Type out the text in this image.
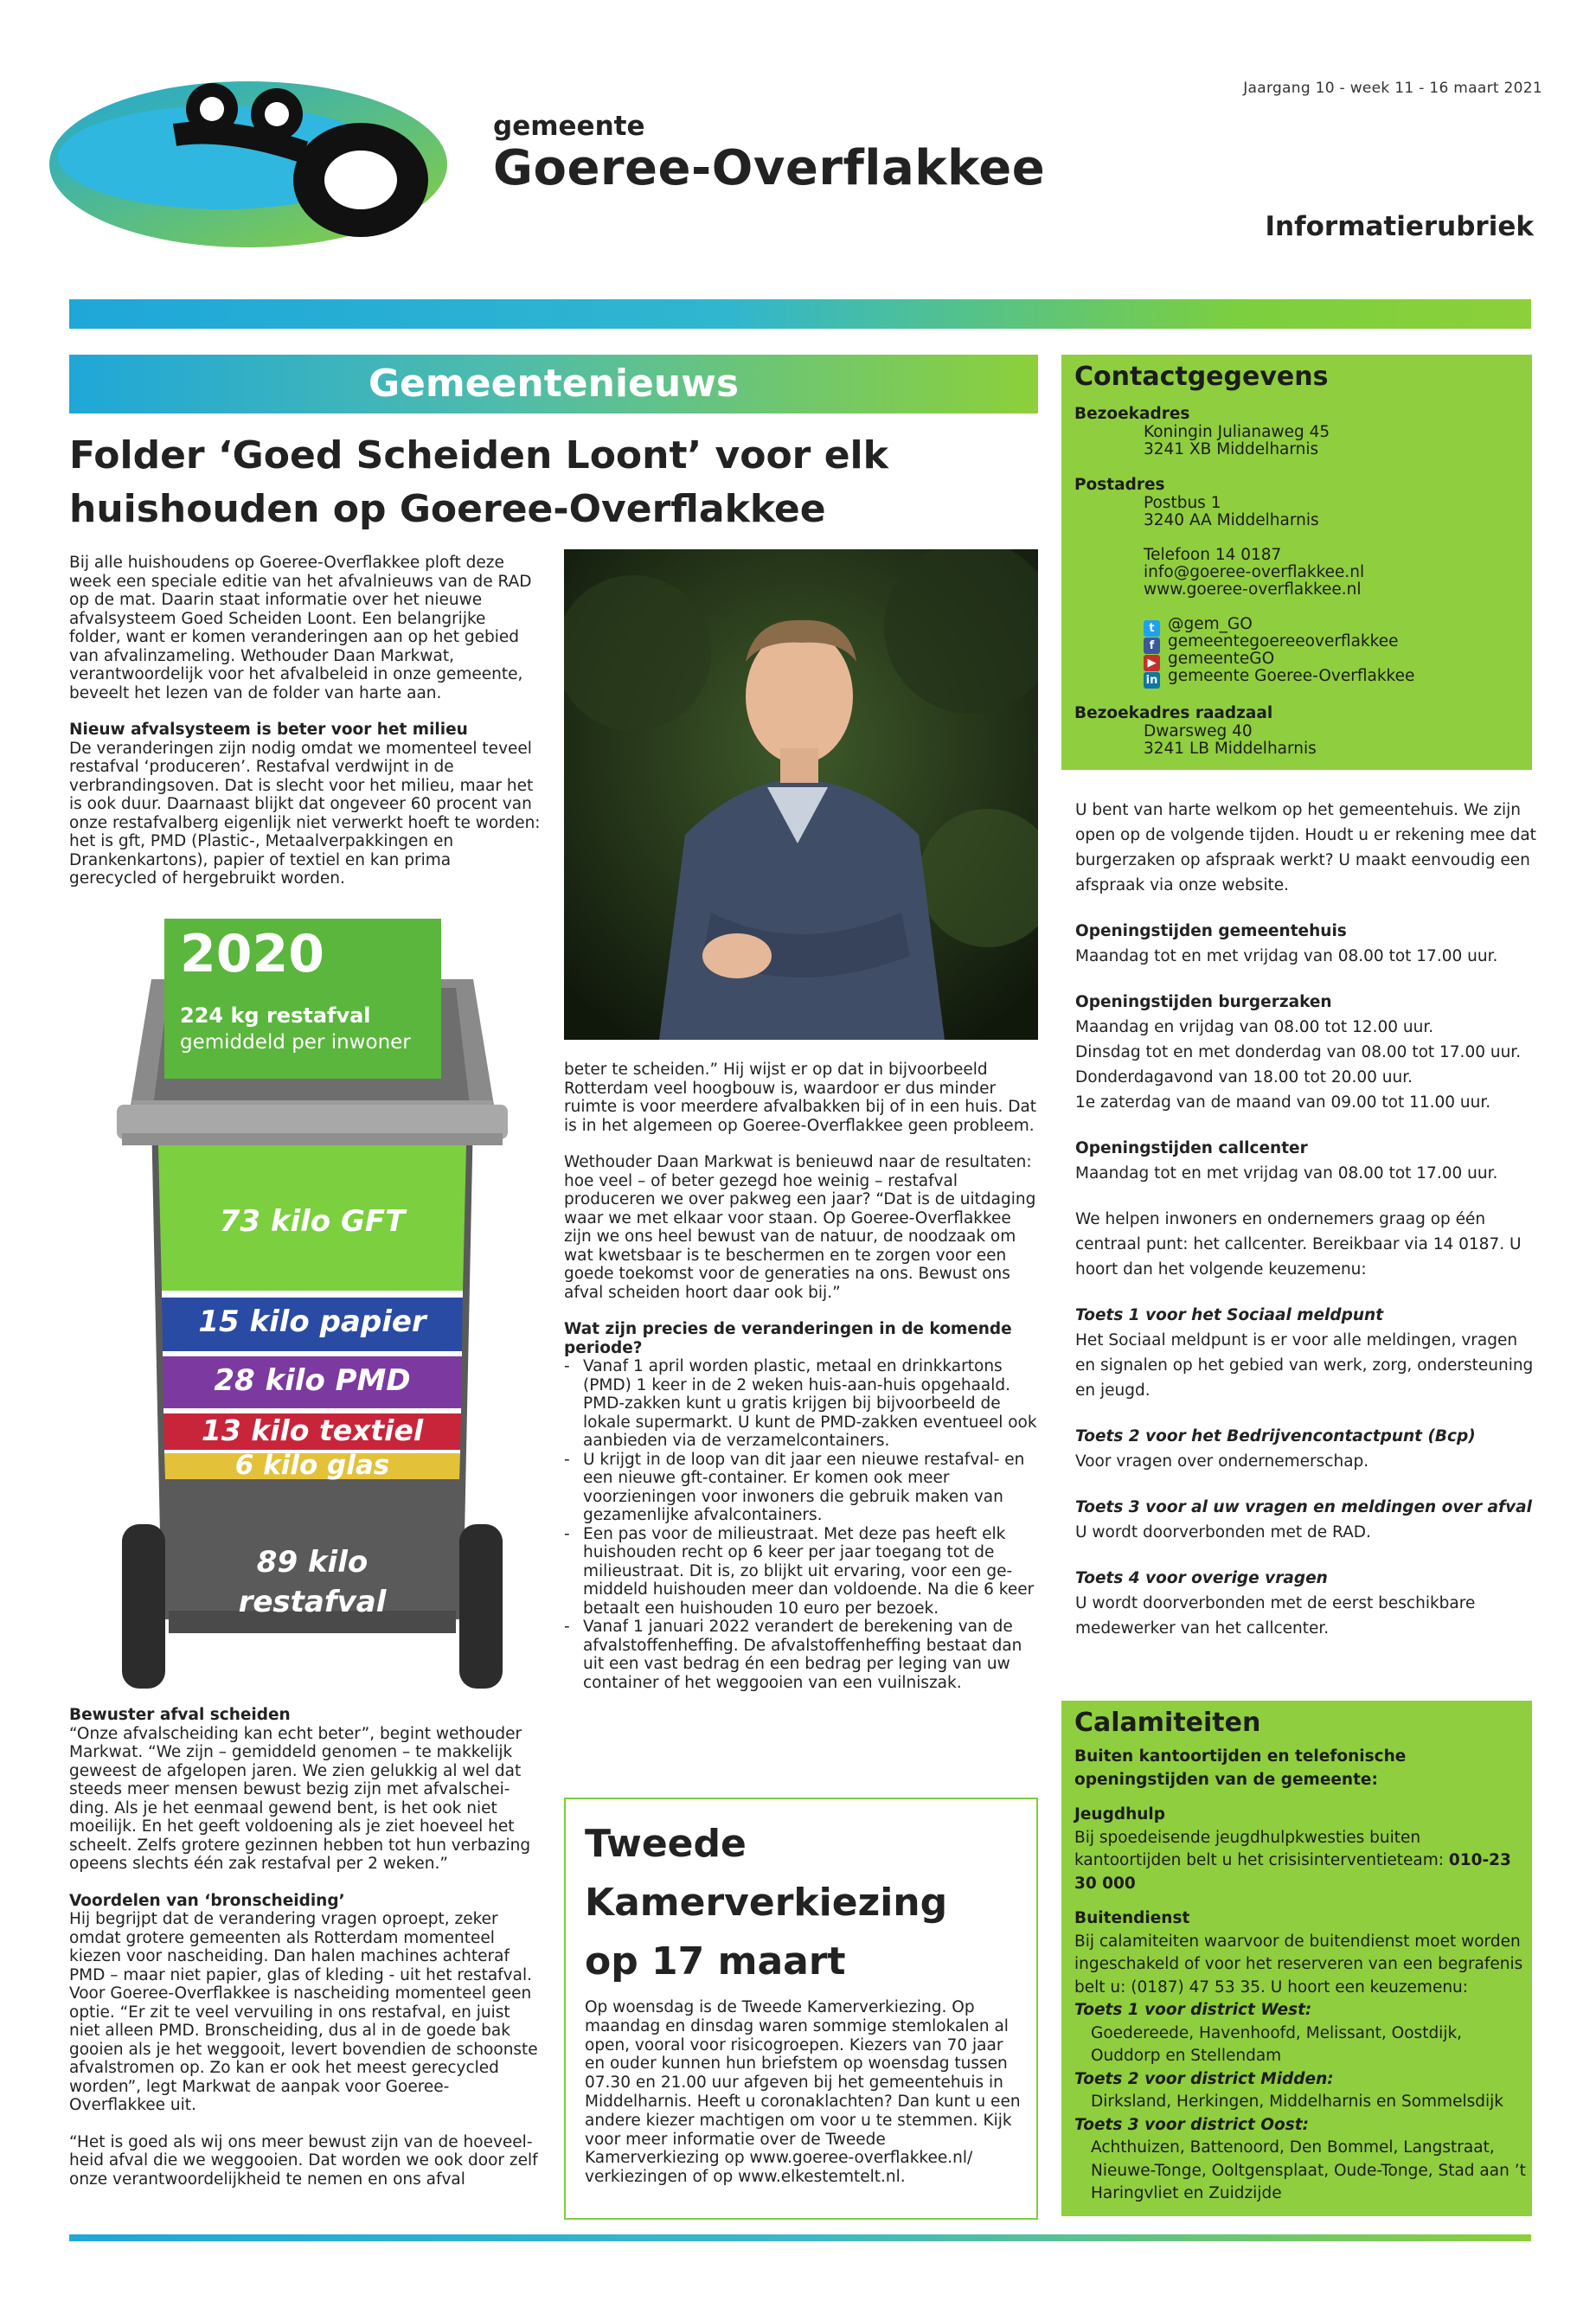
Jaargang 10 - week 11 - 16 maart 2021
gemeente
Goeree-Overflakkee
Informatierubriek
Gemeentenieuws
Folder ‘Goed Scheiden Loont’ voor elk huishouden op Goeree-Overflakkee

Bij alle huishoudens op Goeree-Overflakkee ploft deze week een speciale editie van het afvalnieuws van de RAD op de mat. Daarin staat informatie over het nieuwe afvalsysteem Goed Scheiden Loont. Een belangrijke folder, want er komen veranderingen aan op het gebied van afvalinzameling. Wethouder Daan Markwat, verantwoordelijk voor het afvalbeleid in onze gemeente, beveelt het lezen van de folder van harte aan.

Nieuw afvalsysteem is beter voor het milieu

De veranderingen zijn nodig omdat we momenteel teveel restafval ‘produceren’. Restafval verdwijnt in de verbrandingsoven. Dat is slecht voor het milieu, maar het is ook duur. Daarnaast blijkt dat ongeveer 60 procent van onze restafvalberg eigenlijk niet verwerkt hoeft te worden: het is gft, PMD (Plastic-, Metaalverpakkingen en Drankenkartons), papier of textiel en kan prima gerecycled of hergebruikt worden.

2020
224 kg restafval
gemiddeld per inwoner
73 kilo GFT
15 kilo papier
28 kilo PMD
13 kilo textiel
6 kilo glas
89 kilo
restafval
Bewuster afval scheiden

“Onze afvalscheiding kan echt beter”, begint wethouder Markwat. “We zijn – gemiddeld genomen – te makkelijk geweest de afgelopen jaren. We zien gelukkig al wel dat steeds meer mensen bewust bezig zijn met afvalschei-ding. Als je het eenmaal gewend bent, is het ook niet moeilijk. En het geeft voldoening als je ziet hoeveel het scheelt. Zelfs grotere gezinnen hebben tot hun verbazing opeens slechts één zak restafval per 2 weken.”

Voordelen van ‘bronscheiding’

Hij begrijpt dat de verandering vragen oproept, zeker omdat grotere gemeenten als Rotterdam momenteel kiezen voor nascheiding. Dan halen machines achteraf PMD – maar niet papier, glas of kleding - uit het restafval. Voor Goeree-Overflakkee is nascheiding momenteel geen optie. “Er zit te veel vervuiling in ons restafval, en juist niet alleen PMD. Bronscheiding, dus al in de goede bak gooien als je het weggooit, levert bovendien de schoonste afvalstromen op. Zo kan er ook het meest gerecycled worden”, legt Markwat de aanpak voor Goeree-Overflakkee uit.

“Het is goed als wij ons meer bewust zijn van de hoeveel-heid afval die we weggooien. Dat worden we ook door zelf onze verantwoordelijkheid te nemen en ons afval

beter te scheiden.” Hij wijst er op dat in bijvoorbeeld Rotterdam veel hoogbouw is, waardoor er dus minder ruimte is voor meerdere afvalbakken bij of in een huis. Dat is in het algemeen op Goeree-Overflakkee geen probleem.

Wethouder Daan Markwat is benieuwd naar de resultaten: hoe veel – of beter gezegd hoe weinig – restafval produceren we over pakweg een jaar? “Dat is de uitdaging waar we met elkaar voor staan. Op Goeree-Overflakkee zijn we ons heel bewust van de natuur, de noodzaak om wat kwetsbaar is te beschermen en te zorgen voor een goede toekomst voor de generaties na ons. Bewust ons afval scheiden hoort daar ook bij.”

Wat zijn precies de veranderingen in de komende periode?
- Vanaf 1 april worden plastic, metaal en drinkkartons (PMD) 1 keer in de 2 weken huis-aan-huis opgehaald. PMD-zakken kunt u gratis krijgen bij bijvoorbeeld de lokale supermarkt. U kunt de PMD-zakken eventueel ook aanbieden via de verzamelcontainers.
- U krijgt in de loop van dit jaar een nieuwe restafval- en een nieuwe gft-container. Er komen ook meer voorzieningen voor inwoners die gebruik maken van gezamenlijke afvalcontainers.
- Een pas voor de milieustraat. Met deze pas heeft elk huishouden recht op 6 keer per jaar toegang tot de milieustraat. Dit is, zo blijkt uit ervaring, voor een ge-middeld huishouden meer dan voldoende. Na die 6 keer betaalt een huishouden 10 euro per bezoek.
- Vanaf 1 januari 2022 verandert de berekening van de afvalstoffenheffing. De afvalstoffenheffing bestaat dan uit een vast bedrag én een bedrag per leging van uw container of het weggooien van een vuilniszak.
Tweede
Kamerverkiezing
op 17 maart
Op woensdag is de Tweede Kamerverkiezing. Op maandag en dinsdag waren sommige stemlokalen al open, vooral voor risicogroepen. Kiezers van 70 jaar en ouder kunnen hun briefstem op woensdag tussen 07.30 en 21.00 uur afgeven bij het gemeentehuis in Middelharnis. Heeft u coronaklachten? Dan kunt u een andere kiezer machtigen om voor u te stemmen. Kijk voor meer informatie over de Tweede Kamerverkiezing op www.goeree-overflakkee.nl/ verkiezingen of op www.elkestemtelt.nl.
Contactgegevens
Bezoekadres
Koningin Julianaweg 45
3241 XB Middelharnis
Postadres
Postbus 1
3240 AA Middelharnis
Telefoon 14 0187
info@goeree-overflakkee.nl
www.goeree-overflakkee.nl
t @gem_GO
f gemeentegoereeoverflakkee
▶ gemeenteGO
in gemeente Goeree-Overflakkee
Bezoekadres raadzaal
Dwarsweg 40
3241 LB Middelharnis

U bent van harte welkom op het gemeentehuis. We zijn open op de volgende tijden. Houdt u er rekening mee dat burgerzaken op afspraak werkt? U maakt eenvoudig een afspraak via onze website.

Openingstijden gemeentehuis
Maandag tot en met vrijdag van 08.00 tot 17.00 uur.

Openingstijden burgerzaken
Maandag en vrijdag van 08.00 tot 12.00 uur.
Dinsdag tot en met donderdag van 08.00 tot 17.00 uur.
Donderdagavond van 18.00 tot 20.00 uur.
1e zaterdag van de maand van 09.00 tot 11.00 uur.

Openingstijden callcenter
Maandag tot en met vrijdag van 08.00 tot 17.00 uur.

We helpen inwoners en ondernemers graag op één centraal punt: het callcenter. Bereikbaar via 14 0187. U hoort dan het volgende keuzemenu:

Toets 1 voor het Sociaal meldpunt
Het Sociaal meldpunt is er voor alle meldingen, vragen en signalen op het gebied van werk, zorg, ondersteuning en jeugd.

Toets 2 voor het Bedrijvencontactpunt (Bcp)
Voor vragen over ondernemerschap.

Toets 3 voor al uw vragen en meldingen over afval
U wordt doorverbonden met de RAD.

Toets 4 voor overige vragen
U wordt doorverbonden met de eerst beschikbare medewerker van het callcenter.

Calamiteiten
Buiten kantoortijden en telefonische openingstijden van de gemeente:
Jeugdhulp
Bij spoedeisende jeugdhulpkwesties buiten kantoortijden belt u het crisisinterventieteam: 010-23 30 000
Buitendienst
Bij calamiteiten waarvoor de buitendienst moet worden ingeschakeld of voor het reserveren van een begrafenis belt u: (0187) 47 53 35. U hoort een keuzemenu:
Toets 1 voor district West:
Goedereede, Havenhoofd, Melissant, Oostdijk, Ouddorp en Stellendam
Toets 2 voor district Midden:
Dirksland, Herkingen, Middelharnis en Sommelsdijk
Toets 3 voor district Oost:
Achthuizen, Battenoord, Den Bommel, Langstraat, Nieuwe-Tonge, Ooltgensplaat, Oude-Tonge, Stad aan ’t Haringvliet en Zuidzijde
